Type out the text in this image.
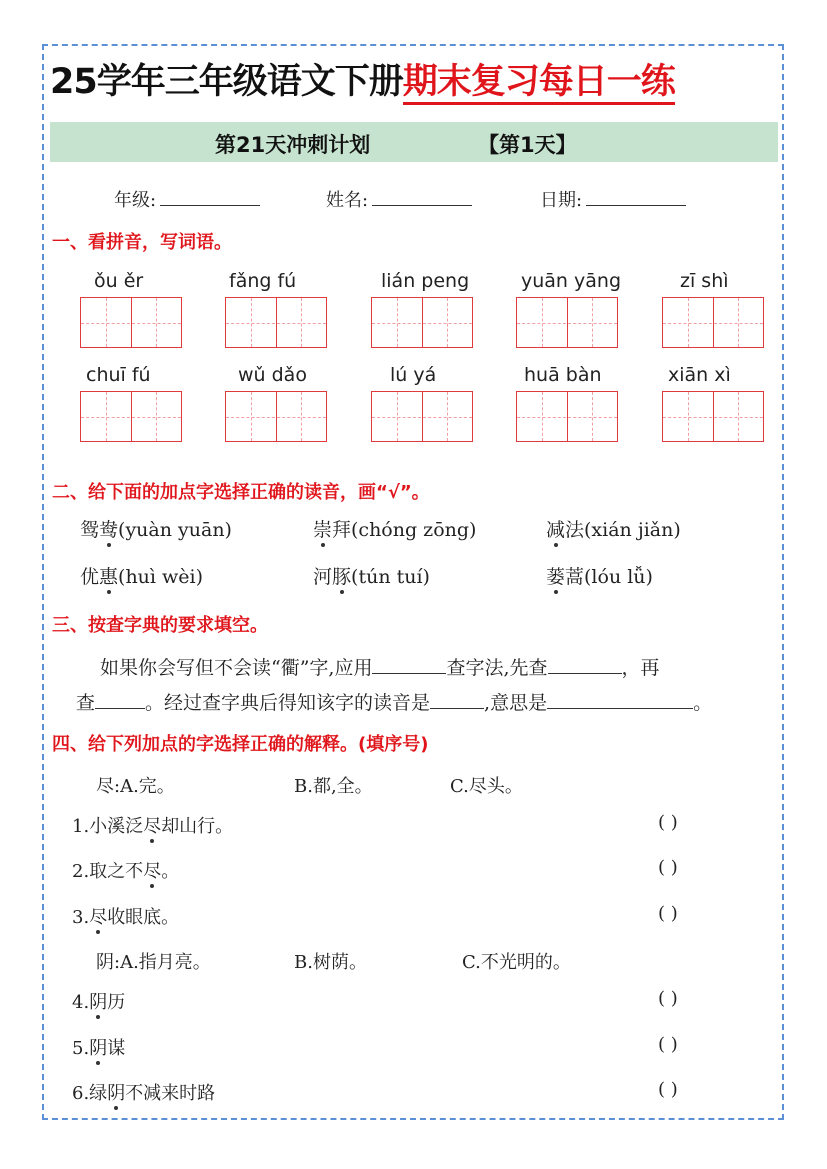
25学年三年级语文下册期末复习每日一练
第21天冲刺计划	【第1天】
年级:	姓名:	日期:
一、看拼音，写词语。
ǒu ěr	fǎng fú	lián peng	yuān yāng	zī shì
chuī fú	wǔ dǎo	lú yá	huā bàn	xiān xì
二、给下面的加点字选择正确的读音，画“√”。
鸳鸯(yuàn yuān)	崇拜(chóng zōng)	减法(xián jiǎn)
优惠(huì wèi)	河豚(tún tuí)	蒌蒿(lóu lǚ)
三、按查字典的要求填空。
如果你会写但不会读“衢”字,应用	查字法,先查	，再
查	。经过查字典后得知该字的读音是	,意思是	。
四、给下列加点的字选择正确的解释。(填序号)
尽:A.完。	B.都,全。	C.尽头。
1.小溪泛尽却山行。	( )
2.取之不尽。	( )
3.尽收眼底。	( )
阴:A.指月亮。	B.树荫。	C.不光明的。
4.阴历	( )
5.阴谋	( )
6.绿阴不减来时路	( )
